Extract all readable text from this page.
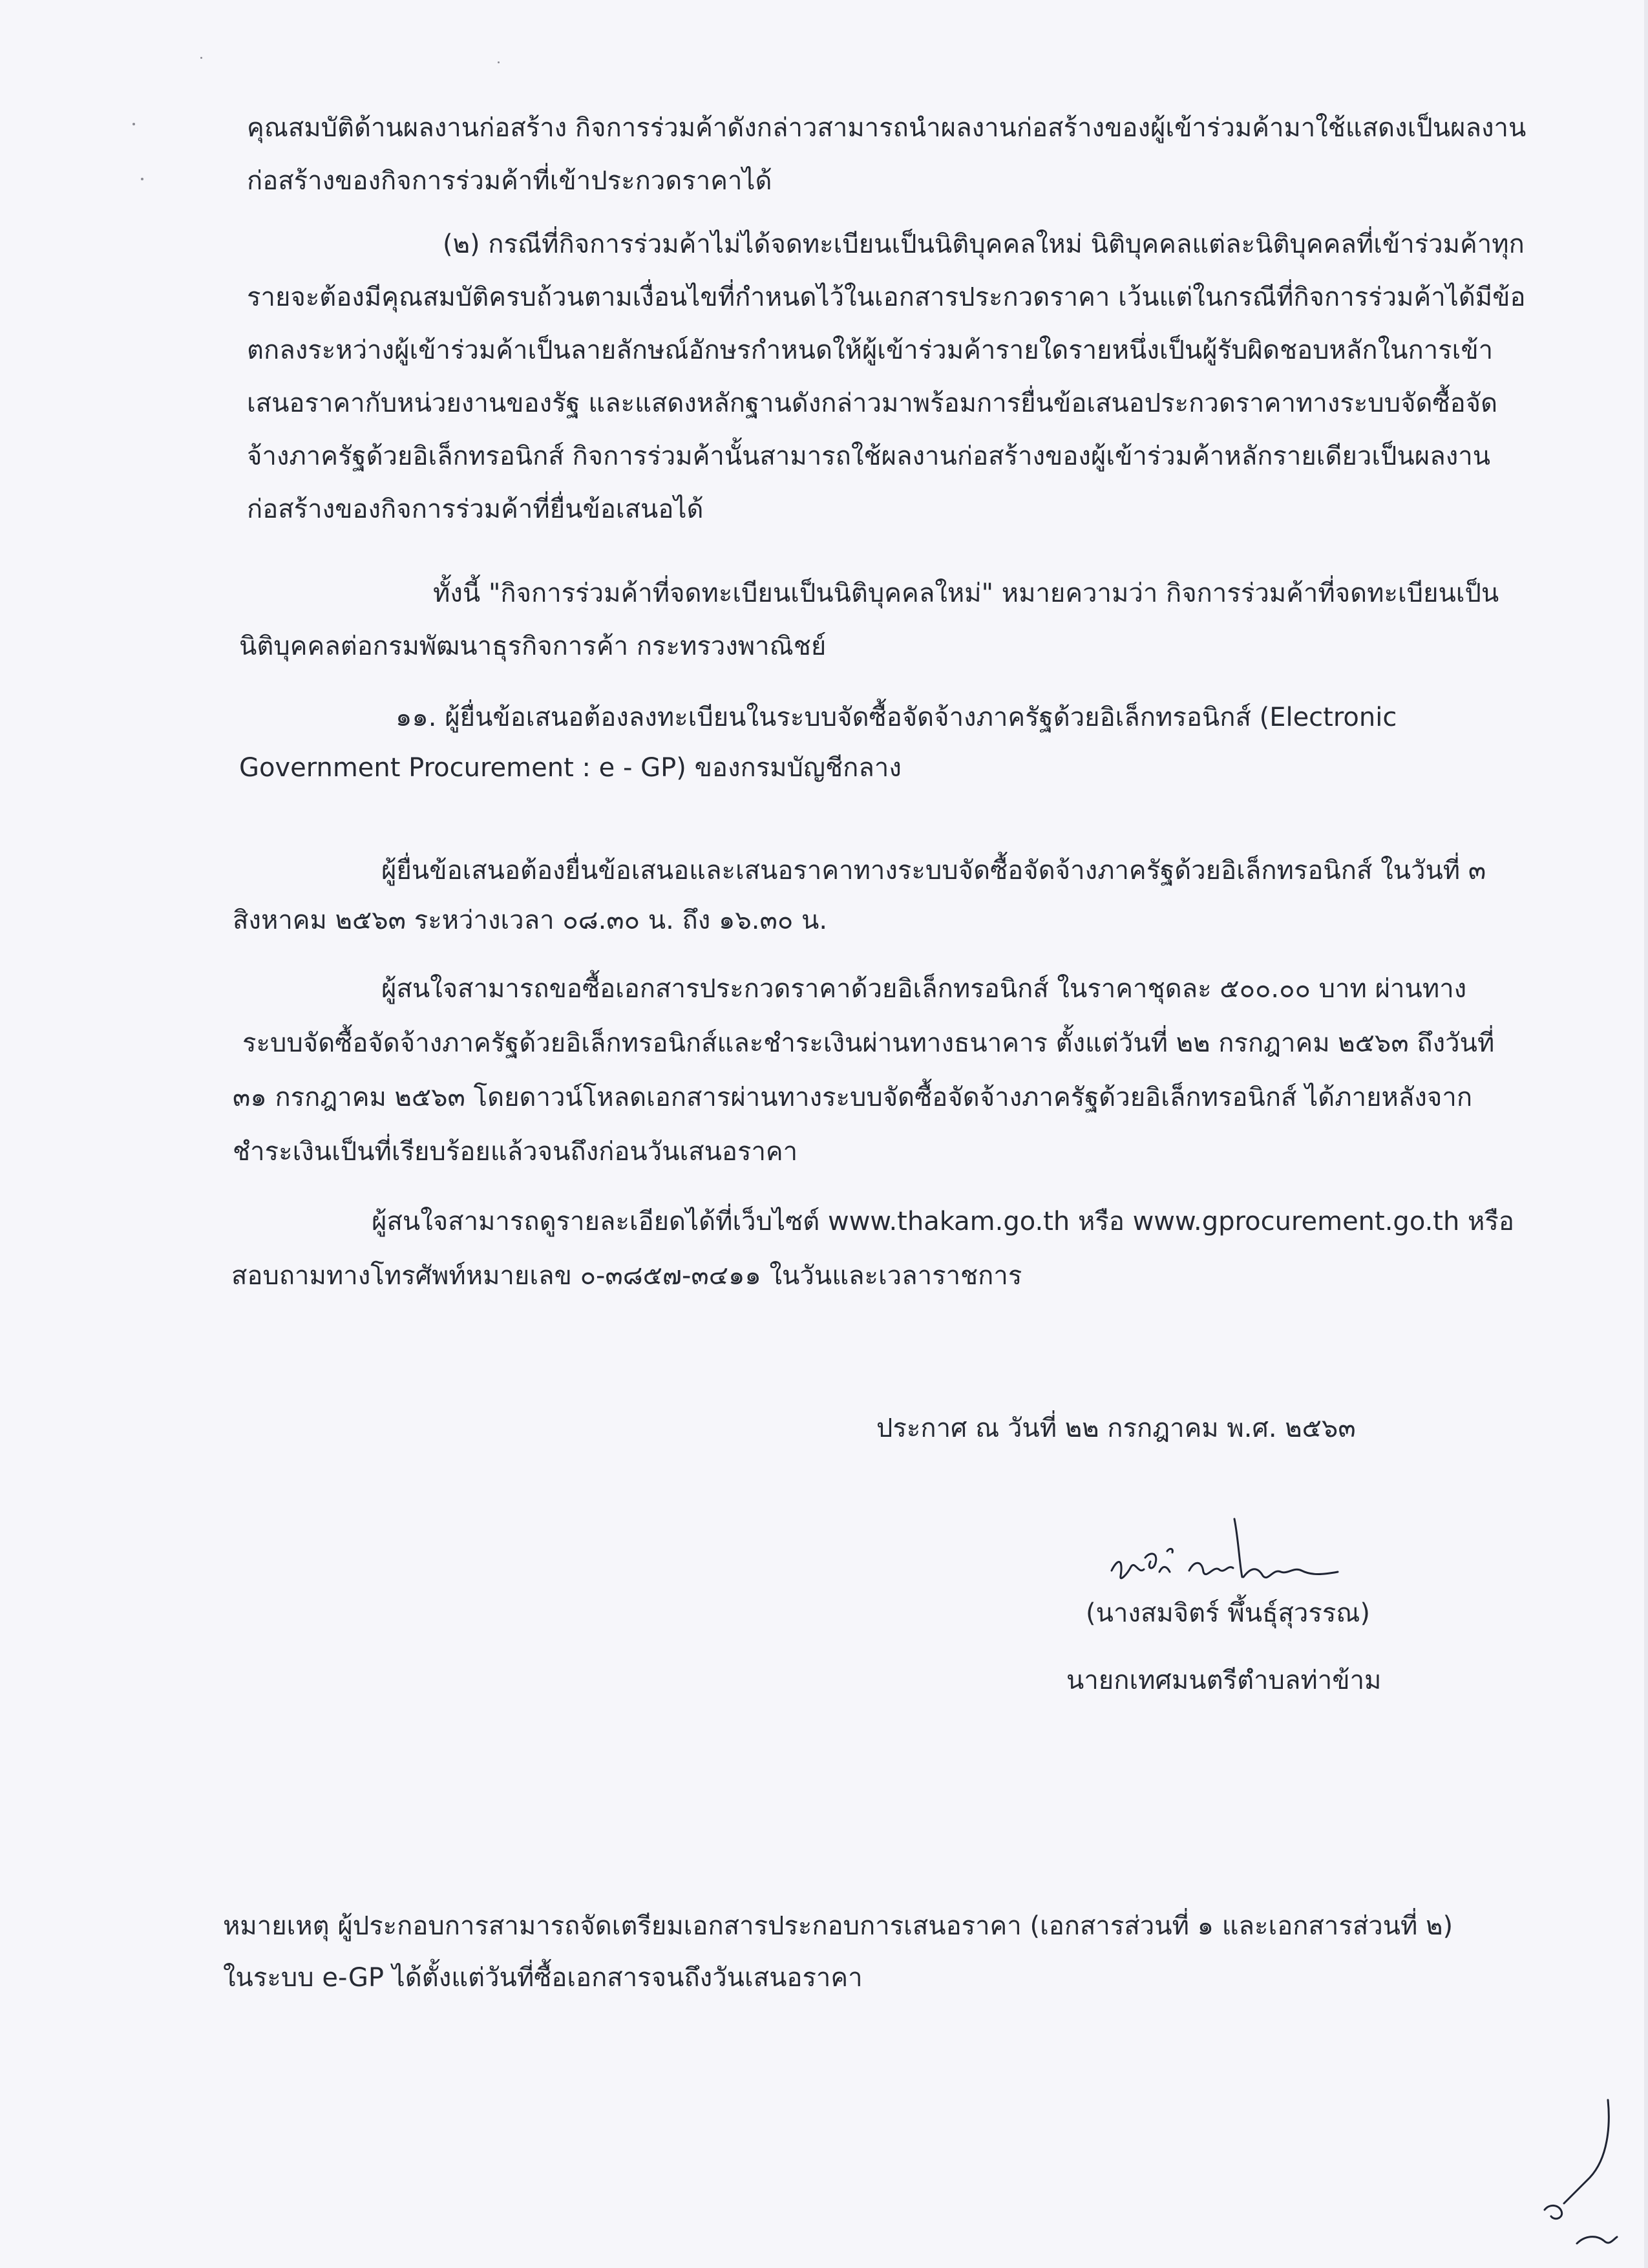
คุณสมบัติด้านผลงานก่อสร้าง กิจการร่วมค้าดังกล่าวสามารถนำผลงานก่อสร้างของผู้เข้าร่วมค้ามาใช้แสดงเป็นผลงาน
ก่อสร้างของกิจการร่วมค้าที่เข้าประกวดราคาได้
(๒) กรณีที่กิจการร่วมค้าไม่ได้จดทะเบียนเป็นนิติบุคคลใหม่ นิติบุคคลแต่ละนิติบุคคลที่เข้าร่วมค้าทุก
รายจะต้องมีคุณสมบัติครบถ้วนตามเงื่อนไขที่กำหนดไว้ในเอกสารประกวดราคา เว้นแต่ในกรณีที่กิจการร่วมค้าได้มีข้อ
ตกลงระหว่างผู้เข้าร่วมค้าเป็นลายลักษณ์อักษรกำหนดให้ผู้เข้าร่วมค้ารายใดรายหนึ่งเป็นผู้รับผิดชอบหลักในการเข้า
เสนอราคากับหน่วยงานของรัฐ และแสดงหลักฐานดังกล่าวมาพร้อมการยื่นข้อเสนอประกวดราคาทางระบบจัดซื้อจัด
จ้างภาครัฐด้วยอิเล็กทรอนิกส์ กิจการร่วมค้านั้นสามารถใช้ผลงานก่อสร้างของผู้เข้าร่วมค้าหลักรายเดียวเป็นผลงาน
ก่อสร้างของกิจการร่วมค้าที่ยื่นข้อเสนอได้
ทั้งนี้ "กิจการร่วมค้าที่จดทะเบียนเป็นนิติบุคคลใหม่" หมายความว่า กิจการร่วมค้าที่จดทะเบียนเป็น
นิติบุคคลต่อกรมพัฒนาธุรกิจการค้า กระทรวงพาณิชย์
๑๑. ผู้ยื่นข้อเสนอต้องลงทะเบียนในระบบจัดซื้อจัดจ้างภาครัฐด้วยอิเล็กทรอนิกส์ (Electronic
Government Procurement : e - GP) ของกรมบัญชีกลาง
ผู้ยื่นข้อเสนอต้องยื่นข้อเสนอและเสนอราคาทางระบบจัดซื้อจัดจ้างภาครัฐด้วยอิเล็กทรอนิกส์ ในวันที่ ๓
สิงหาคม ๒๕๖๓ ระหว่างเวลา ๐๘.๓๐ น. ถึง ๑๖.๓๐ น.
ผู้สนใจสามารถขอซื้อเอกสารประกวดราคาด้วยอิเล็กทรอนิกส์ ในราคาชุดละ ๕๐๐.๐๐ บาท ผ่านทาง
ระบบจัดซื้อจัดจ้างภาครัฐด้วยอิเล็กทรอนิกส์และชำระเงินผ่านทางธนาคาร ตั้งแต่วันที่ ๒๒ กรกฎาคม ๒๕๖๓ ถึงวันที่
๓๑ กรกฎาคม ๒๕๖๓ โดยดาวน์โหลดเอกสารผ่านทางระบบจัดซื้อจัดจ้างภาครัฐด้วยอิเล็กทรอนิกส์ ได้ภายหลังจาก
ชำระเงินเป็นที่เรียบร้อยแล้วจนถึงก่อนวันเสนอราคา
ผู้สนใจสามารถดูรายละเอียดได้ที่เว็บไซต์ www.thakam.go.th หรือ www.gprocurement.go.th หรือ
สอบถามทางโทรศัพท์หมายเลข ๐-๓๘๕๗-๓๔๑๑ ในวันและเวลาราชการ
ประกาศ ณ วันที่ ๒๒ กรกฎาคม พ.ศ. ๒๕๖๓
(นางสมจิตร์ พึ้นธุ์สุวรรณ)
นายกเทศมนตรีตำบลท่าข้าม
หมายเหตุ ผู้ประกอบการสามารถจัดเตรียมเอกสารประกอบการเสนอราคา (เอกสารส่วนที่ ๑ และเอกสารส่วนที่ ๒)
ในระบบ e-GP ได้ตั้งแต่วันที่ซื้อเอกสารจนถึงวันเสนอราคา
